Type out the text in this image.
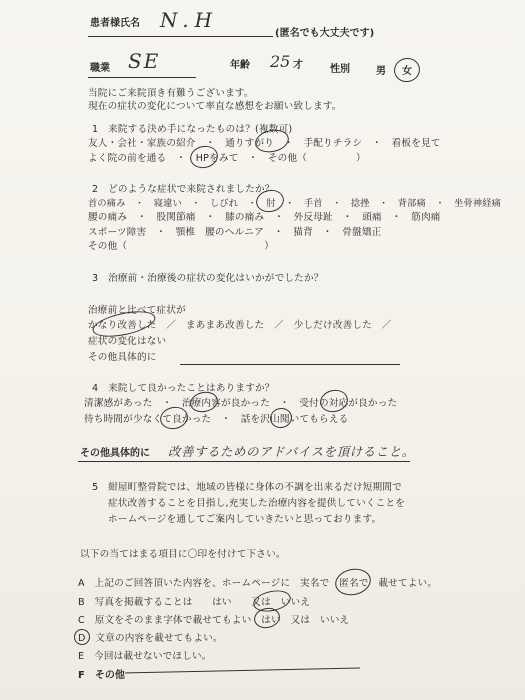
患者様氏名 N.H
(匿名でも大丈夫です)
職業 SE	年齢 25 才	性別	男 女
当院にご来院頂き有難うございます。
現在の症状の変化について率直な感想をお願い致します。
1　来院する決め手になったものは？(複数可)
友人・会社・家族の紹介　・　通りすがり　・　手配りチラシ　・　看板を見て
よく院の前を通る　・　HPをみて　・　その他（　　　　　）
2　どのような症状で来院されましたか？
首の痛み　・　寝違い　・　しびれ　・　肘　・　手首　・　捻挫　・　背部痛　・　坐骨神経痛
腰の痛み　・　股関節痛　・　膝の痛み　・　外反母趾　・　頭痛　・　筋肉痛
スポーツ障害　・　顎椎　腰のヘルニア　・　猫背　・　骨盤矯正
その他（　　　　　　　　　　　　　　）
3　治療前・治療後の症状の変化はいかがでしたか？
治療前と比べて症状が
かなり改善した　／　まあまあ改善した　／　少しだけ改善した　／
症状の変化はない
その他具体的に
4　来院して良かったことはありますか？
清潔感があった　・　治療内容が良かった　・　受付の対応が良かった
待ち時間が少なくて良かった　・　話を沢山聞いてもらえる
その他具体的に 改善するためのアドバイスを頂けること。
5　紺屋町整骨院では、地域の皆様に身体の不調を出来るだけ短期間で
症状改善することを目指し,充実した治療内容を提供していくことを
ホームページを通してご案内していきたいと思っております。
以下の当てはまる項目に〇印を付けて下さい。
A　上記のご回答頂いた内容を、ホームページに　実名で　匿名で　載せてよい。
B　写真を掲載することは　　はい　　又は　いいえ
C　原文をそのまま字体で載せてもよい　はい　又は　いいえ
D　文章の内容を載せてもよい。
E　今回は載せないでほしい。
F　その他
